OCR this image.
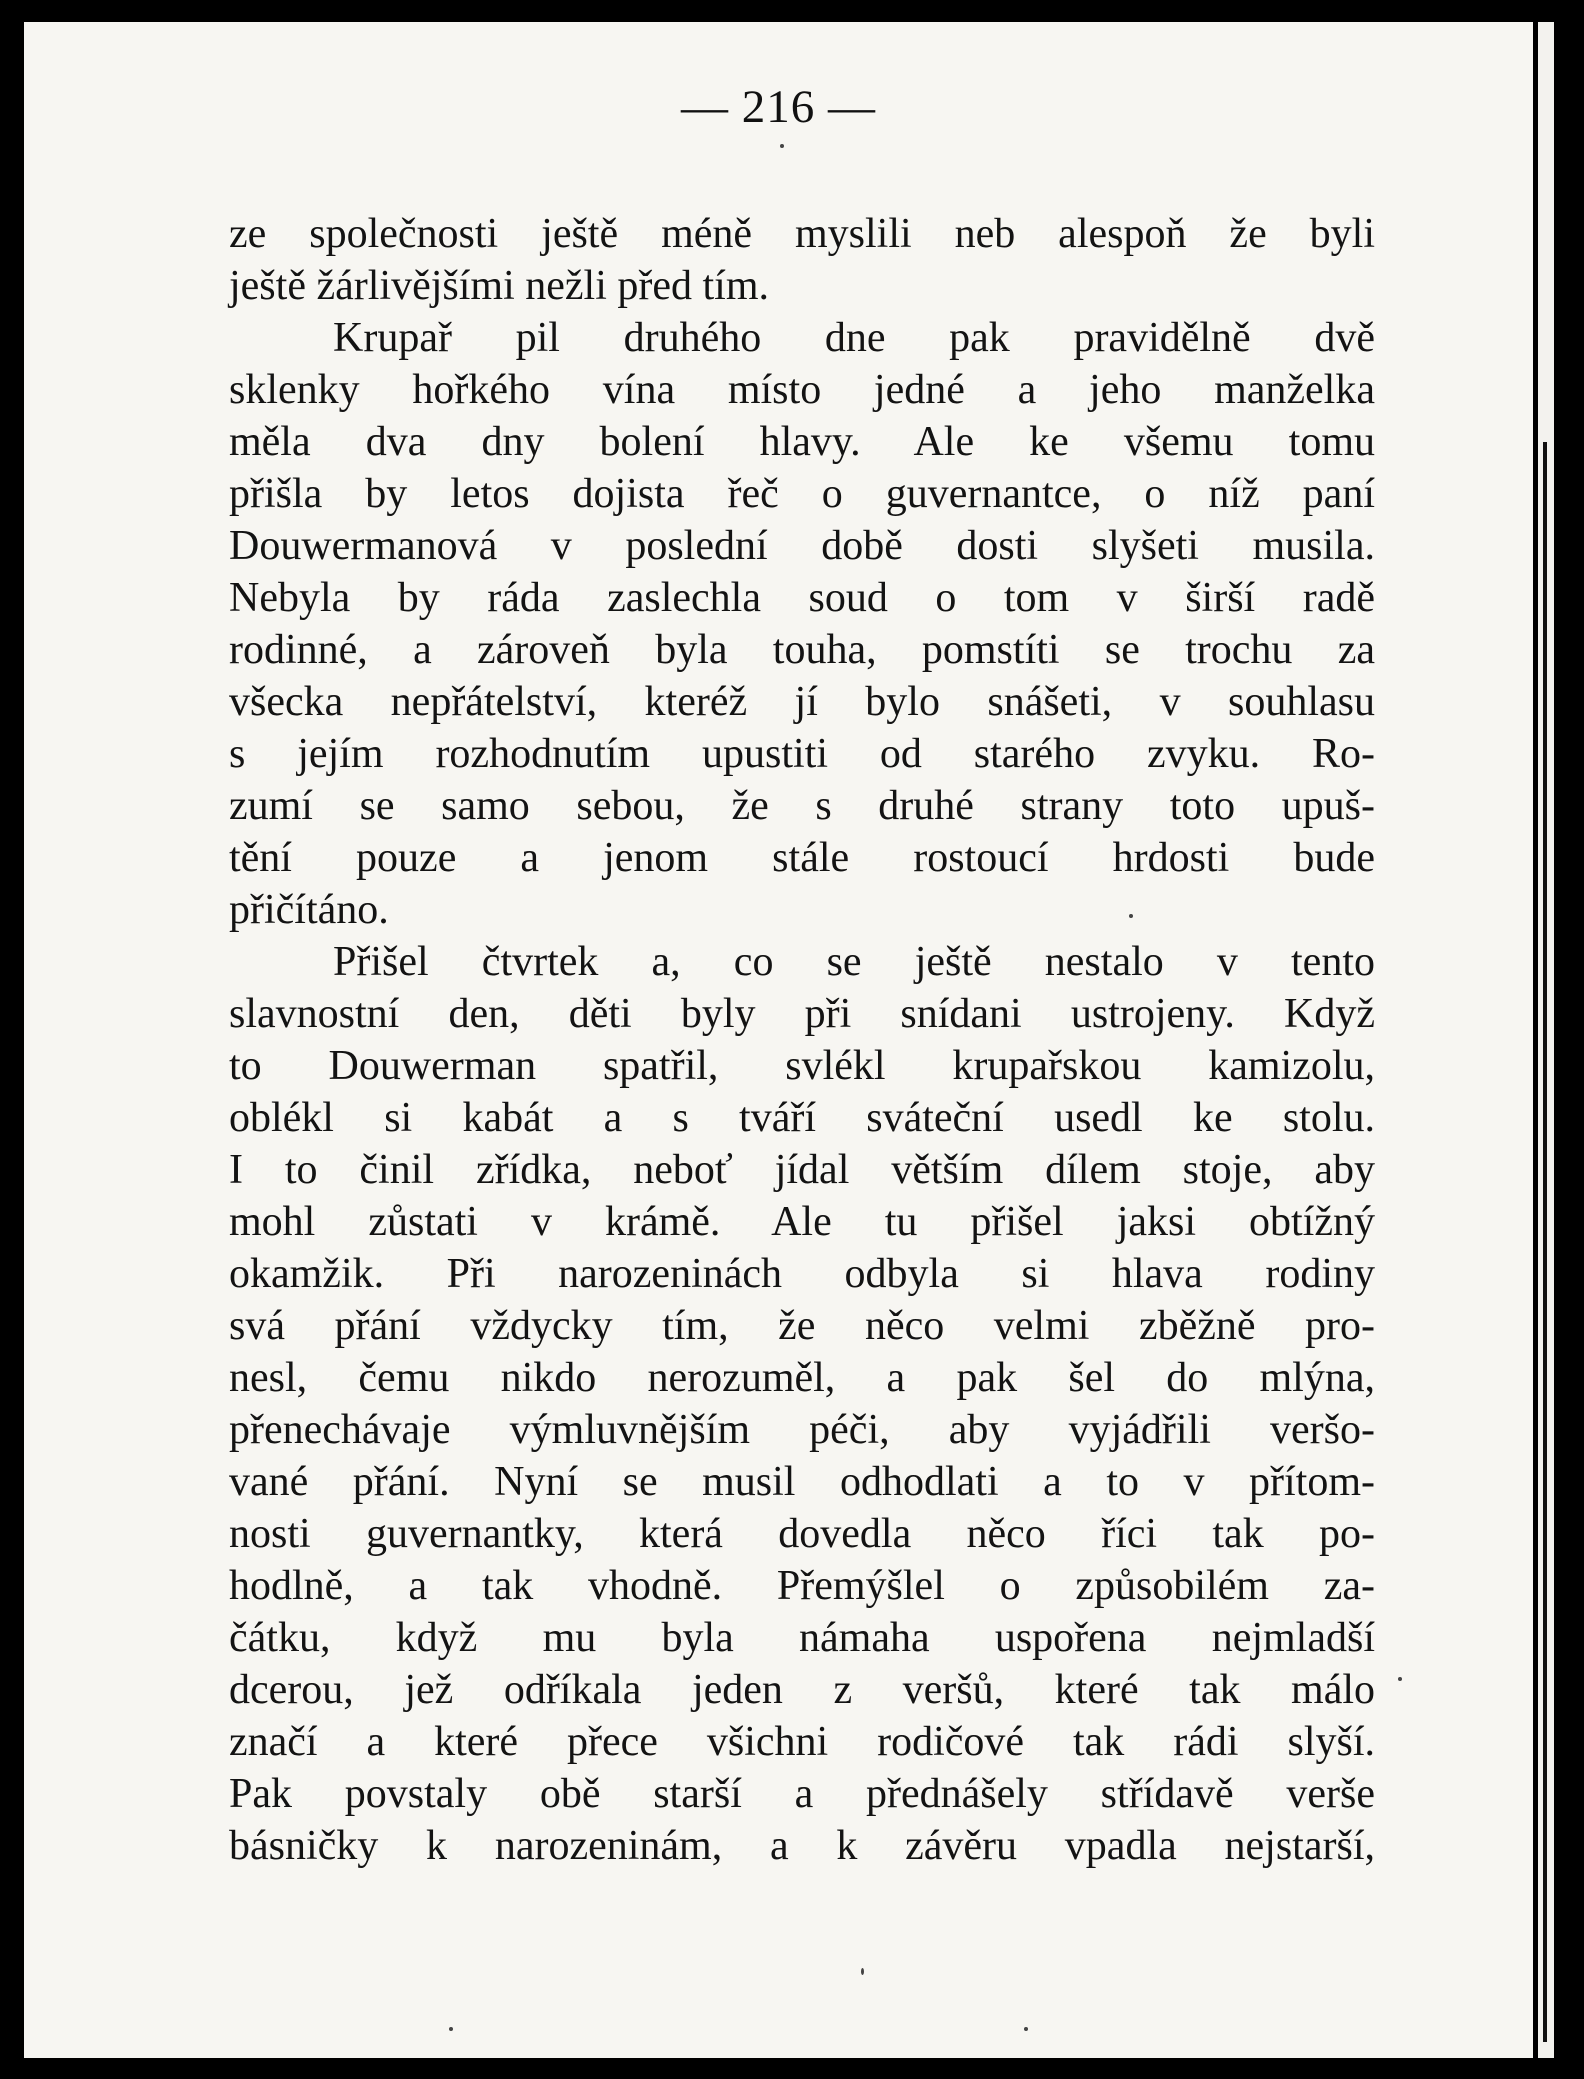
— 216 —

ze společnosti ještě méně myslili neb alespoň že byli
ještě žárlivějšími nežli před tím.
Krupař pil druhého dne pak pravidělně dvě
sklenky hořkého vína místo jedné a jeho manželka
měla dva dny bolení hlavy. Ale ke všemu tomu
přišla by letos dojista řeč o guvernantce, o níž paní
Douwermanová v poslední době dosti slyšeti musila.
Nebyla by ráda zaslechla soud o tom v širší radě
rodinné, a zároveň byla touha, pomstíti se trochu za
všecka nepřátelství, kteréž jí bylo snášeti, v souhlasu
s jejím rozhodnutím upustiti od starého zvyku. Ro-
zumí se samo sebou, že s druhé strany toto upuš-
tění pouze a jenom stále rostoucí hrdosti bude
přičítáno.
Přišel čtvrtek a, co se ještě nestalo v tento
slavnostní den, děti byly při snídani ustrojeny. Když
to Douwerman spatřil, svlékl krupařskou kamizolu,
oblékl si kabát a s tváří sváteční usedl ke stolu.
I to činil zřídka, neboť jídal větším dílem stoje, aby
mohl zůstati v krámě. Ale tu přišel jaksi obtížný
okamžik. Při narozeninách odbyla si hlava rodiny
svá přání vždycky tím, že něco velmi zběžně pro-
nesl, čemu nikdo nerozuměl, a pak šel do mlýna,
přenechávaje výmluvnějším péči, aby vyjádřili veršo-
vané přání. Nyní se musil odhodlati a to v přítom-
nosti guvernantky, která dovedla něco říci tak po-
hodlně, a tak vhodně. Přemýšlel o způsobilém za-
čátku, když mu byla námaha uspořena nejmladší
dcerou, jež odříkala jeden z veršů, které tak málo
značí a které přece všichni rodičové tak rádi slyší.
Pak povstaly obě starší a přednášely střídavě verše
básničky k narozeninám, a k závěru vpadla nejstarší,
